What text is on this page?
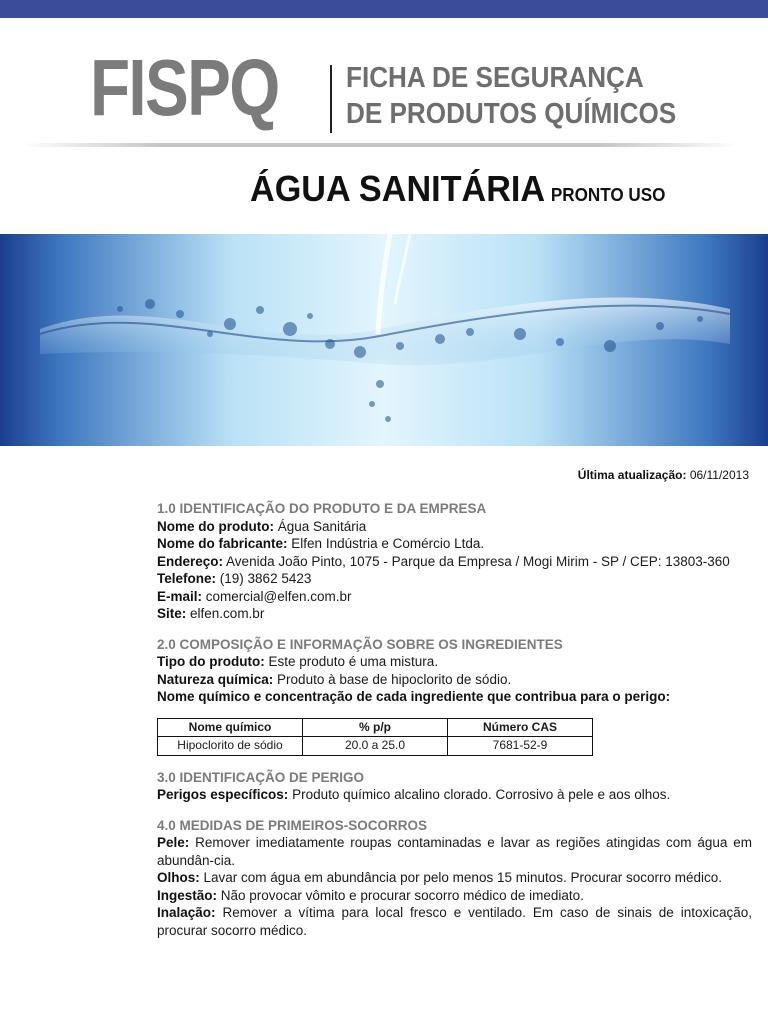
FISPQ FICHA DE SEGURANÇA
DE PRODUTOS QUÍMICOS
ÁGUA SANITÁRIA PRONTO USO
Última atualização: 06/11/2013
1.0 IDENTIFICAÇÃO DO PRODUTO E DA EMPRESA
Nome do produto: Água Sanitária
Nome do fabricante: Elfen Indústria e Comércio Ltda.
Endereço: Avenida João Pinto, 1075 - Parque da Empresa / Mogi Mirim - SP / CEP: 13803-360
Telefone: (19) 3862 5423
E-mail: comercial@elfen.com.br
Site: elfen.com.br
2.0 COMPOSIÇÃO E INFORMAÇÃO SOBRE OS INGREDIENTES
Tipo do produto: Este produto é uma mistura.
Natureza química: Produto à base de hipoclorito de sódio.
Nome químico e concentração de cada ingrediente que contribua para o perigo:
Nome químico	% p/p	Número CAS
Hipoclorito de sódio	20.0 a 25.0	7681-52-9
3.0 IDENTIFICAÇÃO DE PERIGO
Perigos específicos: Produto químico alcalino clorado. Corrosivo à pele e aos olhos.
4.0 MEDIDAS DE PRIMEIROS-SOCORROS
Pele: Remover imediatamente roupas contaminadas e lavar as regiões atingidas com água em abundân-cia.
Olhos: Lavar com água em abundância por pelo menos 15 minutos. Procurar socorro médico.
Ingestão: Não provocar vômito e procurar socorro médico de imediato.
Inalação: Remover a vítima para local fresco e ventilado. Em caso de sinais de intoxicação, procurar socorro médico.
